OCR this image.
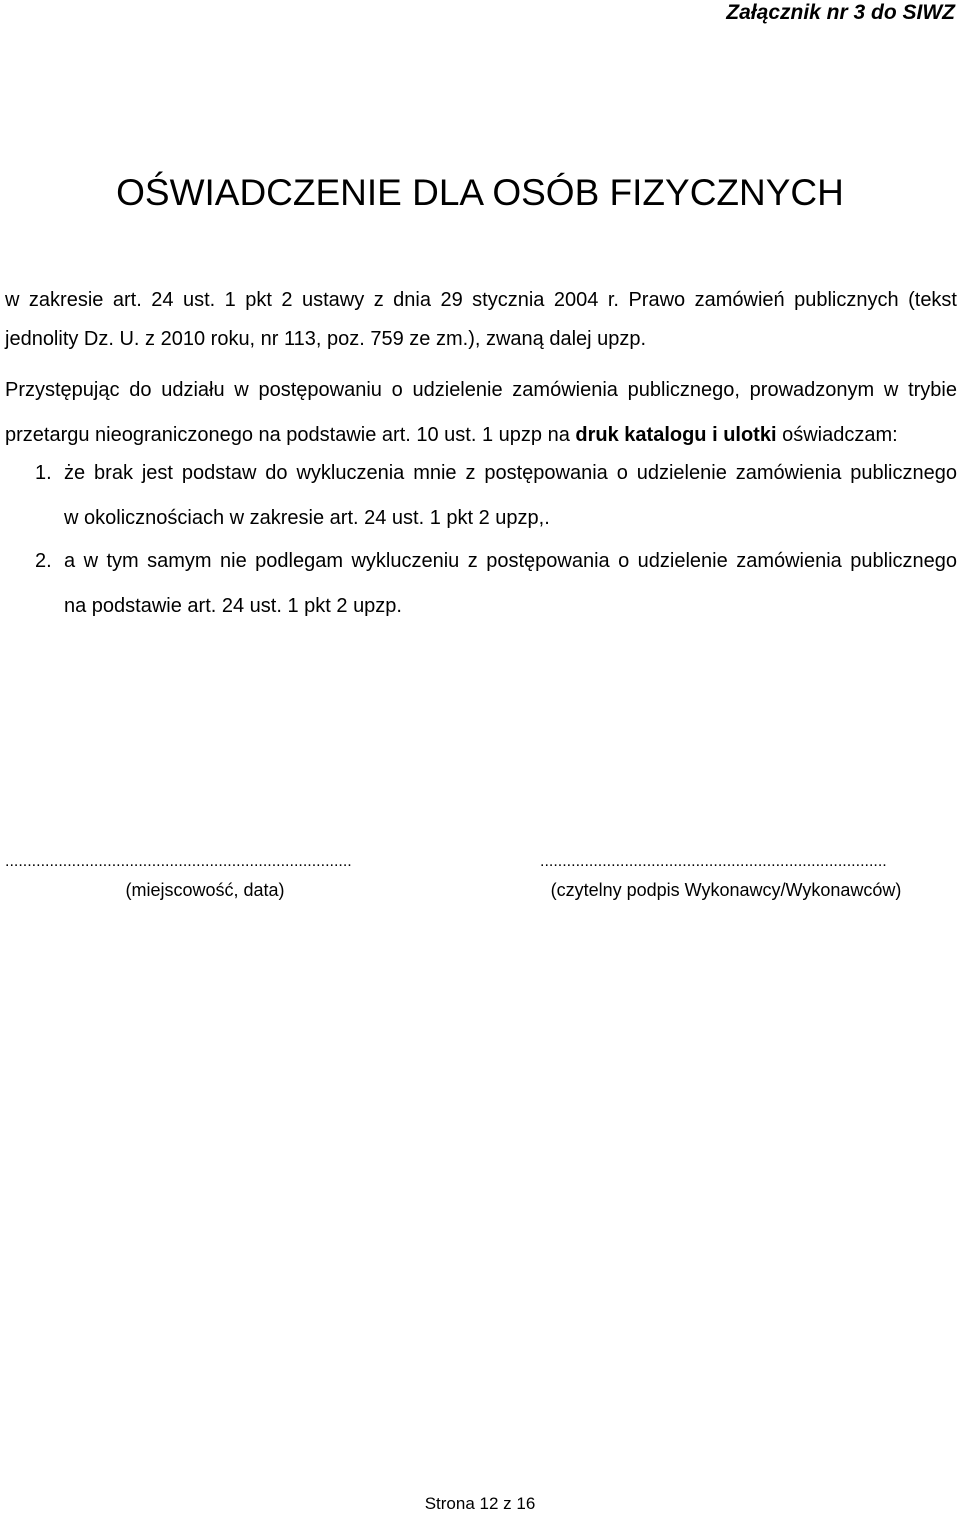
Załącznik nr 3 do SIWZ
OŚWIADCZENIE DLA OSÓB FIZYCZNYCH
w zakresie art. 24 ust. 1 pkt 2 ustawy z dnia 29 stycznia 2004 r. Prawo zamówień publicznych (tekst
jednolity Dz. U. z 2010 roku, nr 113, poz. 759 ze zm.), zwaną dalej upzp.
Przystępując do udziału w postępowaniu o udzielenie zamówienia publicznego, prowadzonym w trybie
przetargu nieograniczonego na podstawie art. 10 ust. 1 upzp na druk katalogu i ulotki oświadczam:
1. że brak jest podstaw do wykluczenia mnie z postępowania o udzielenie zamówienia publicznego
w okolicznościach w zakresie art. 24 ust. 1 pkt 2 upzp,.
2. a w tym samym nie podlegam wykluczeniu z postępowania o udzielenie zamówienia publicznego
na podstawie art. 24 ust. 1 pkt 2 upzp.
..............................................................................
(miejscowość, data)
..............................................................................
(czytelny podpis Wykonawcy/Wykonawców)
Strona 12 z 16
